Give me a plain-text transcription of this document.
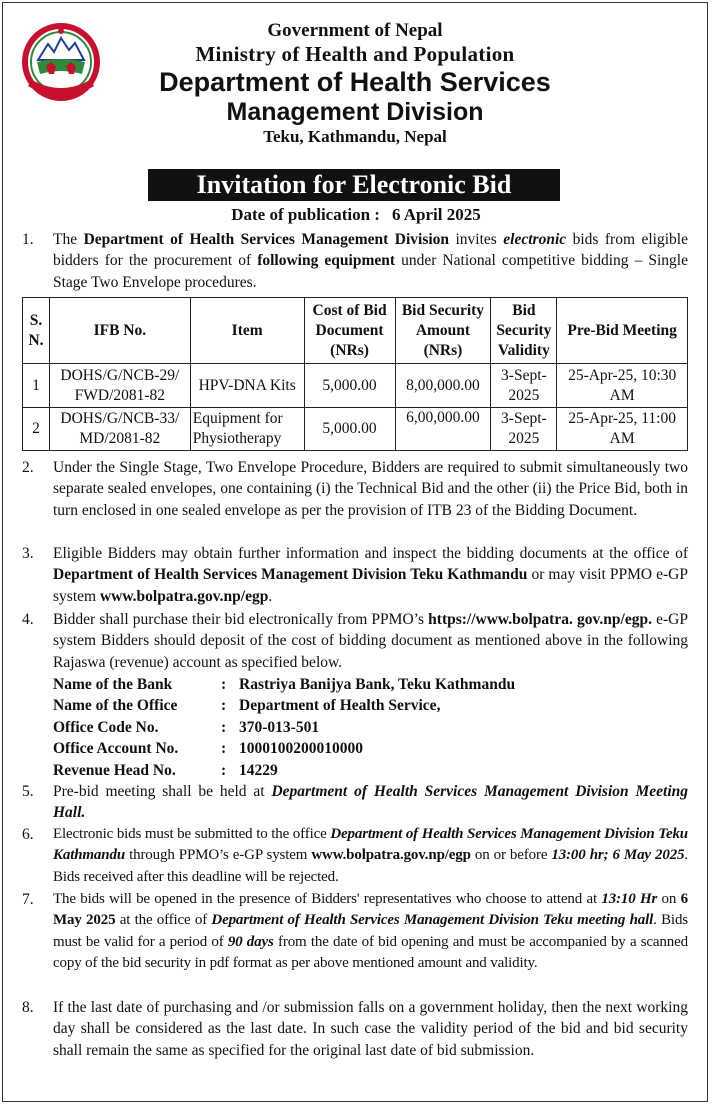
Government of Nepal
Ministry of Health and Population
Department of Health Services
Management Division
Teku, Kathmandu, Nepal
Invitation for Electronic Bid
Date of publication : 6 April 2025
1.	The Department of Health Services Management Division invites electronic bids from eligible bidders for the procurement of following equipment under National competitive bidding – Single Stage Two Envelope procedures.
S. N.	IFB No.	Item	Cost of Bid Document (NRs)	Bid Security Amount (NRs)	Bid Security Validity	Pre-Bid Meeting
1	DOHS/G/NCB-29/ FWD/2081-82	HPV-DNA Kits	5,000.00	8,00,000.00	3-Sept- 2025	25-Apr-25, 10:30 AM
2	DOHS/G/NCB-33/ MD/2081-82	Equipment for Physiotherapy	5,000.00	6,00,000.00	3-Sept- 2025	25-Apr-25, 11:00 AM
2.	Under the Single Stage, Two Envelope Procedure, Bidders are required to submit simultaneously two separate sealed envelopes, one containing (i) the Technical Bid and the other (ii) the Price Bid, both in turn enclosed in one sealed envelope as per the provision of ITB 23 of the Bidding Document.
3.	Eligible Bidders may obtain further information and inspect the bidding documents at the office of Department of Health Services Management Division Teku Kathmandu or may visit PPMO e-GP system www.bolpatra.gov.np/egp.
4.	Bidder shall purchase their bid electronically from PPMO’s https://www.bolpatra. gov.np/egp. e-GP system Bidders should deposit of the cost of bidding document as mentioned above in the following Rajaswa (revenue) account as specified below.
Name of the Bank	: Rastriya Banijya Bank, Teku Kathmandu
Name of the Office	: Department of Health Service,
Office Code No.	: 370-013-501
Office Account No.	: 1000100200010000
Revenue Head No.	: 14229
5.	Pre-bid meeting shall be held at Department of Health Services Management Division Meeting Hall.
6.	Electronic bids must be submitted to the office Department of Health Services Management Division Teku Kathmandu through PPMO’s e-GP system www.bolpatra.gov.np/egp on or before 13:00 hr; 6 May 2025. Bids received after this deadline will be rejected.
7.	The bids will be opened in the presence of Bidders' representatives who choose to attend at 13:10 Hr on 6 May 2025 at the office of Department of Health Services Management Division Teku meeting hall. Bids must be valid for a period of 90 days from the date of bid opening and must be accompanied by a scanned copy of the bid security in pdf format as per above mentioned amount and validity.
8.	If the last date of purchasing and /or submission falls on a government holiday, then the next working day shall be considered as the last date. In such case the validity period of the bid and bid security shall remain the same as specified for the original last date of bid submission.
